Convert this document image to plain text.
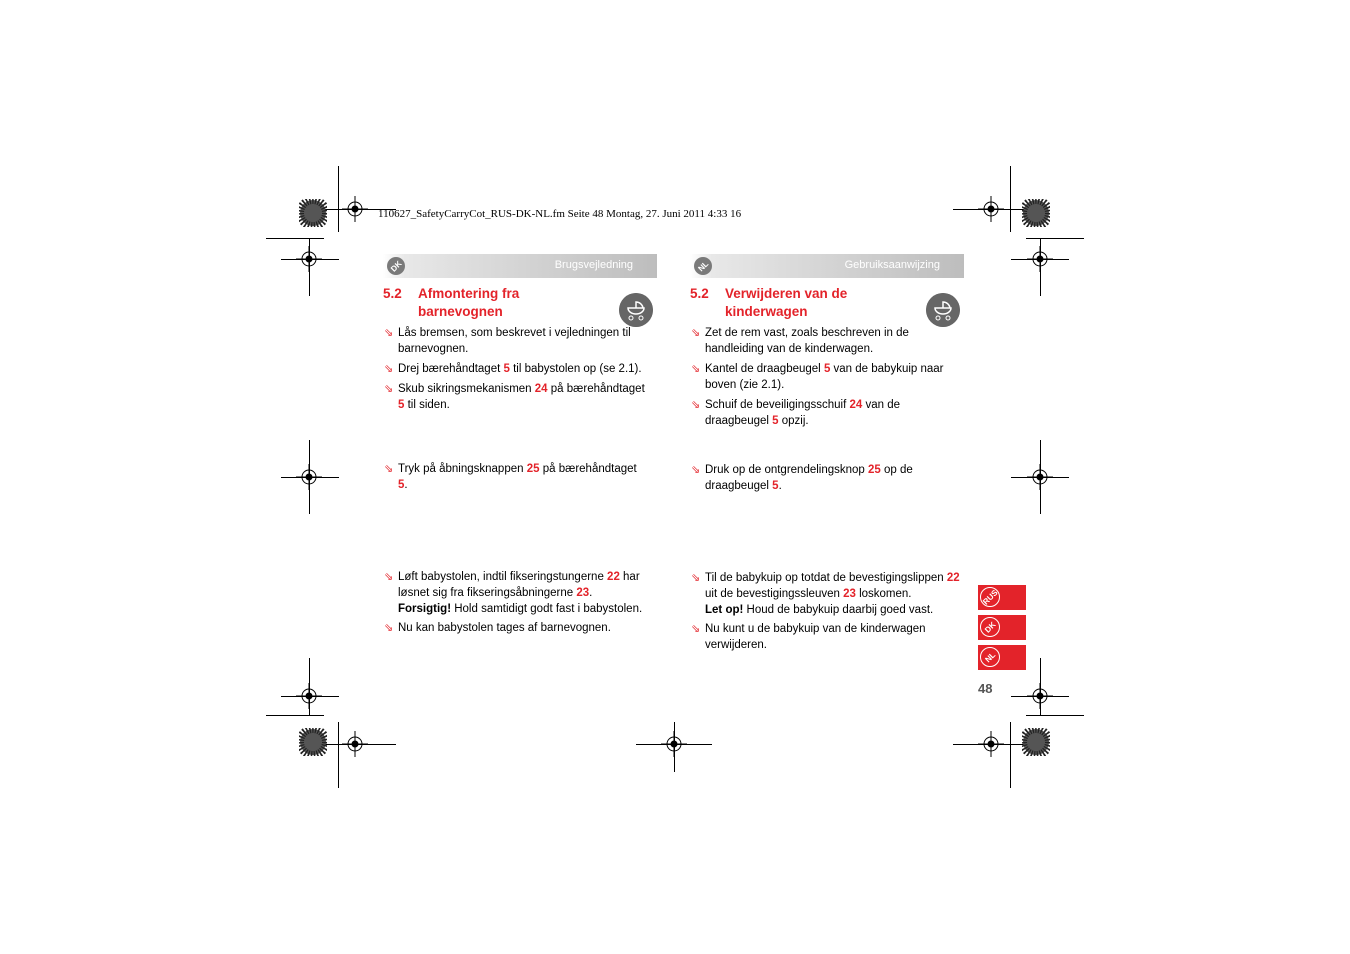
110627_SafetyCarryCot_RUS-DK-NL.fm Seite 48 Montag, 27. Juni 2011 4:33 16
DK	Brugsvejledning
5.2 Afmontering fra barnevognen
⇘ Lås bremsen, som beskrevet i vejledningen til barnevognen.
⇘ Drej bærehåndtaget 5 til babystolen op (se 2.1).
⇘ Skub sikringsmekanismen 24 på bærehåndtaget
5 til siden.
⇘ Tryk på åbningsknappen 25 på bærehåndtaget
5.
⇘ Løft babystolen, indtil fikseringstungerne 22 har løsnet sig fra fikseringsåbningerne 23.
Forsigtig! Hold samtidigt godt fast i babystolen.
⇘ Nu kan babystolen tages af barnevognen.
NL	Gebruiksaanwijzing
5.2 Verwijderen van de kinderwagen
⇘ Zet de rem vast, zoals beschreven in de handleiding van de kinderwagen.
⇘ Kantel de draagbeugel 5 van de babykuip naar boven (zie 2.1).
⇘ Schuif de beveiligingsschuif 24 van de draagbeugel 5 opzij.
⇘ Druk op de ontgrendelingsknop 25 op de draagbeugel 5.
⇘ Til de babykuip op totdat de bevestigingslippen 22 uit de bevestigingssleuven 23 loskomen.
Let op! Houd de babykuip daarbij goed vast.
⇘ Nu kunt u de babykuip van de kinderwagen verwijderen.
RUS
DK
NL
48
